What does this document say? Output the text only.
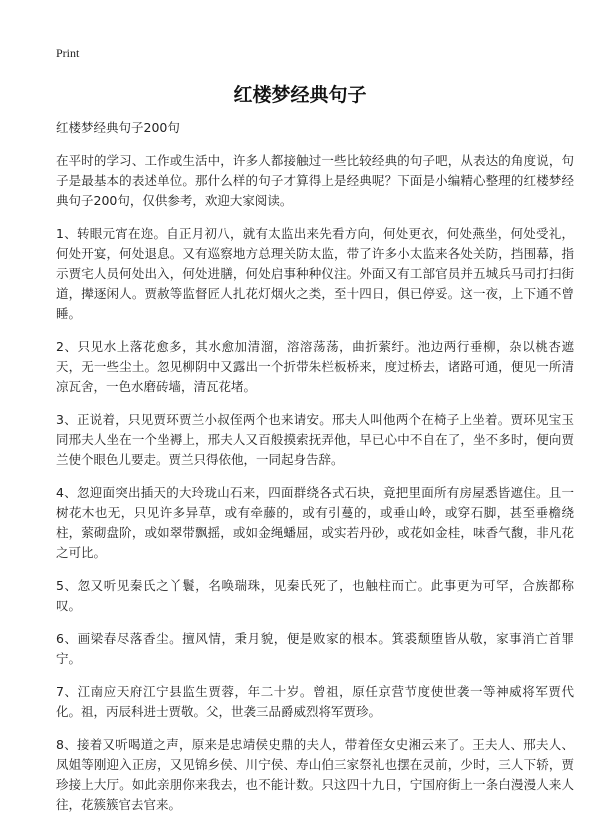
Print
红楼梦经典句子

红楼梦经典句子200句

在平时的学习、工作或生活中，许多人都接触过一些比较经典的句子吧，从表达的角度说，句子是最基本的表述单位。那什么样的句子才算得上是经典呢？下面是小编精心整理的红楼梦经典句子200句，仅供参考，欢迎大家阅读。

1、转眼元宵在迩。自正月初八，就有太监出来先看方向，何处更衣，何处燕坐，何处受礼，何处开宴，何处退息。又有巡察地方总理关防太监，带了许多小太监来各处关防，挡围幕，指示贾宅人员何处出入，何处进膳，何处启事种种仪注。外面又有工部官员并五城兵马司打扫街道，撵逐闲人。贾赦等监督匠人扎花灯烟火之类，至十四日，俱已停妥。这一夜，上下通不曾睡。

2、只见水上落花愈多，其水愈加清溜，溶溶荡荡，曲折萦纡。池边两行垂柳，杂以桃杏遮天，无一些尘土。忽见柳阴中又露出一个折带朱栏板桥来，度过桥去，诸路可通，便见一所清凉瓦舍，一色水磨砖墙，清瓦花堵。

3、正说着，只见贾环贾兰小叔侄两个也来请安。邢夫人叫他两个在椅子上坐着。贾环见宝玉同邢夫人坐在一个坐褥上，邢夫人又百般摸索抚弄他，早已心中不自在了，坐不多时，便向贾兰使个眼色儿要走。贾兰只得依他，一同起身告辞。

4、忽迎面突出插天的大玲珑山石来，四面群绕各式石块，竟把里面所有房屋悉皆遮住。且一树花木也无，只见许多异草，或有牵藤的，或有引蔓的，或垂山岭，或穿石脚，甚至垂檐绕柱，萦砌盘阶，或如翠带飘摇，或如金绳蟠屈，或实若丹砂，或花如金桂，味香气馥，非凡花之可比。

5、忽又听见秦氏之丫鬟，名唤瑞珠，见秦氏死了，也触柱而亡。此事更为可罕，合族都称叹。

6、画梁春尽落香尘。擅风情，秉月貌，便是败家的根本。箕裘颓堕皆从敬，家事消亡首罪宁。

7、江南应天府江宁县监生贾蓉，年二十岁。曾祖，原任京营节度使世袭一等神威将军贾代化。祖，丙辰科进士贾敬。父，世袭三品爵威烈将军贾珍。

8、接着又听喝道之声，原来是忠靖侯史鼎的夫人，带着侄女史湘云来了。王夫人、邢夫人、凤姐等刚迎入正房，又见锦乡侯、川宁侯、寿山伯三家祭礼也摆在灵前，少时，三人下轿，贾珍接上大厅。如此亲朋你来我去，也不能计数。只这四十九日，宁国府街上一条白漫漫人来人往，花簇簇官去官来。
